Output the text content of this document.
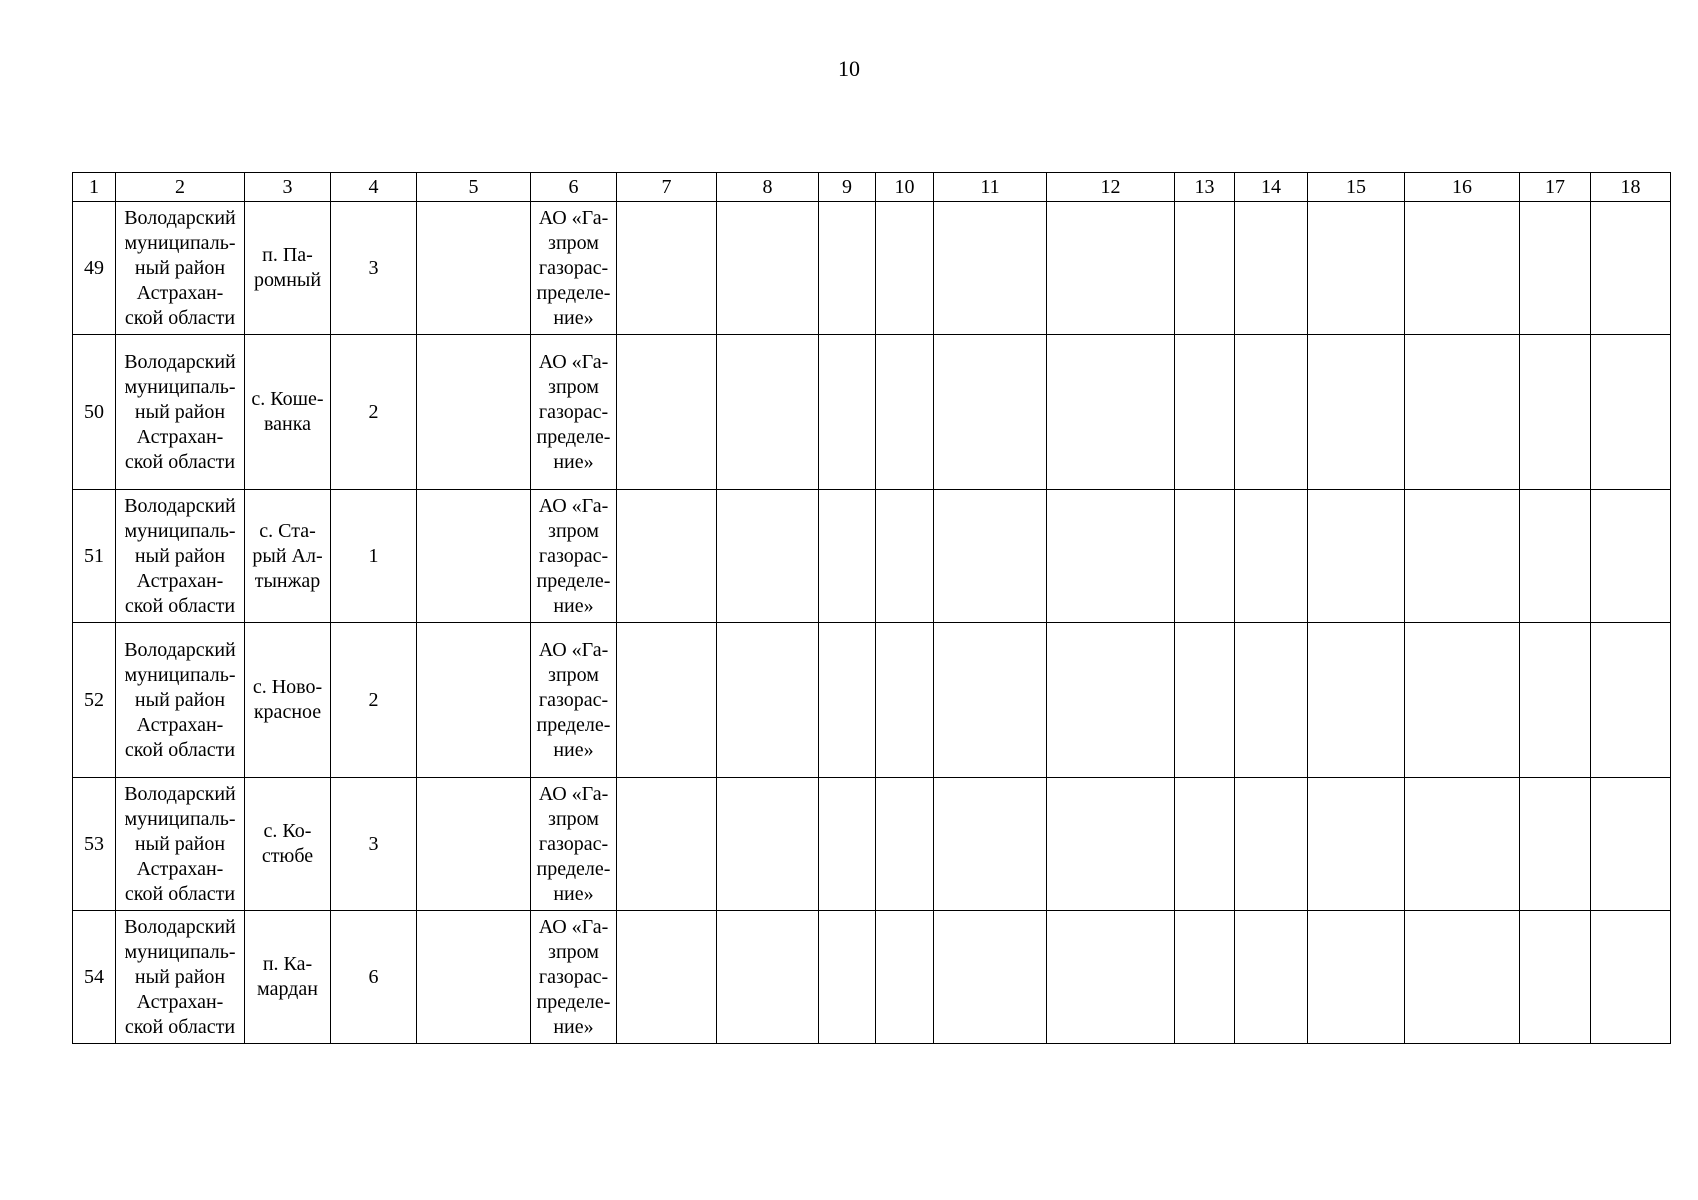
10
1	2	3	4	5	6	7	8	9	10	11	12	13	14	15	16	17	18
49	Володарский
муниципаль-
ный район
Астрахан-
ской области	п. Па-
ромный	3		АО «Га-
зпром
газорас-
пределе-
ние»												
50	Володарский
муниципаль-
ный район
Астрахан-
ской области	с. Коше-
ванка	2		АО «Га-
зпром
газорас-
пределе-
ние»												
51	Володарский
муниципаль-
ный район
Астрахан-
ской области	с. Ста-
рый Ал-
тынжар	1		АО «Га-
зпром
газорас-
пределе-
ние»												
52	Володарский
муниципаль-
ный район
Астрахан-
ской области	с. Ново-
красное	2		АО «Га-
зпром
газорас-
пределе-
ние»												
53	Володарский
муниципаль-
ный район
Астрахан-
ской области	с. Ко-
стюбе	3		АО «Га-
зпром
газорас-
пределе-
ние»												
54	Володарский
муниципаль-
ный район
Астрахан-
ской области	п. Ка-
мардан	6		АО «Га-
зпром
газорас-
пределе-
ние»												
